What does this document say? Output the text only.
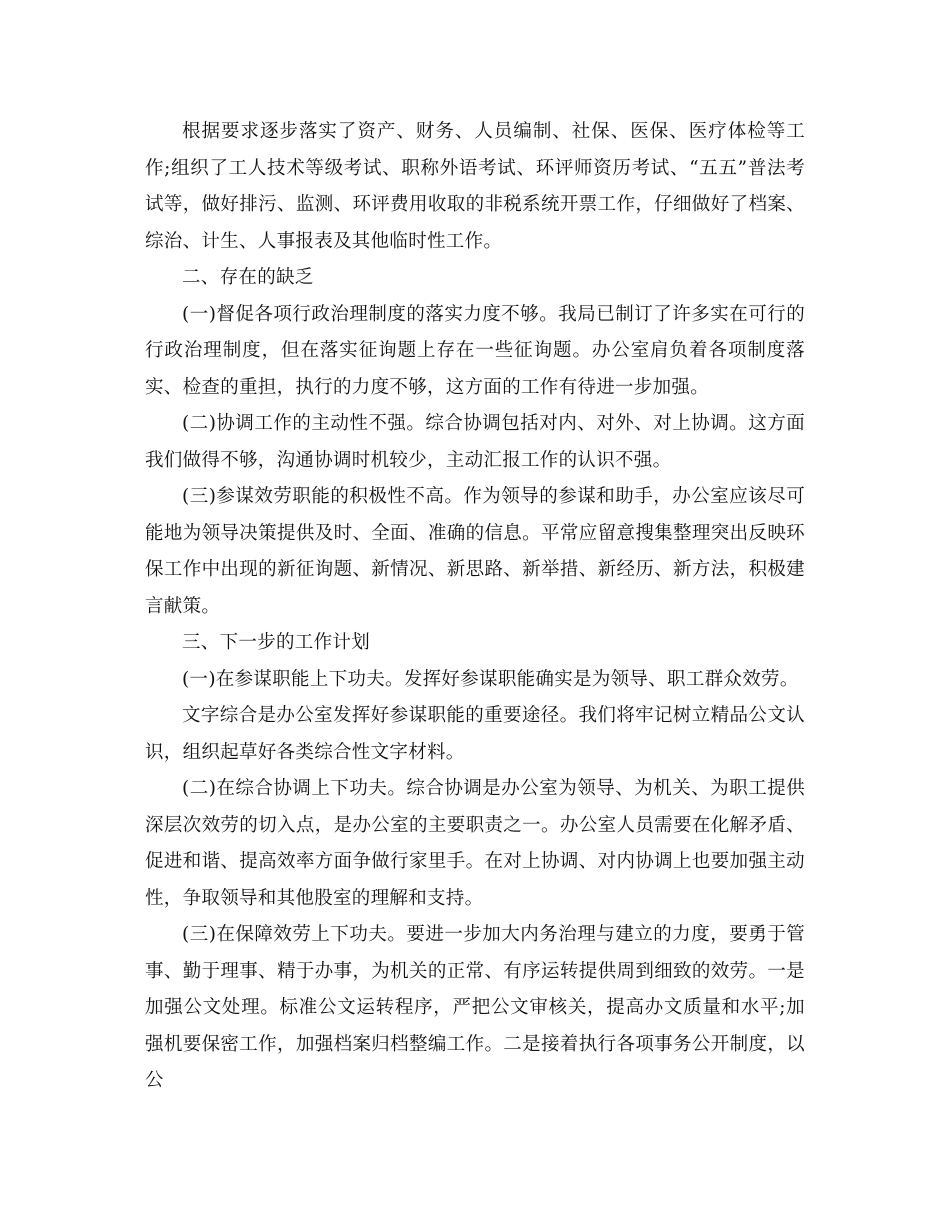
根据要求逐步落实了资产、财务、人员编制、社保、医保、医疗体检等工作;组织了工人技术等级考试、职称外语考试、环评师资历考试、“五五”普法考试等，做好排污、监测、环评费用收取的非税系统开票工作，仔细做好了档案、综治、计生、人事报表及其他临时性工作。

二、存在的缺乏

(一)督促各项行政治理制度的落实力度不够。我局已制订了许多实在可行的行政治理制度，但在落实征询题上存在一些征询题。办公室肩负着各项制度落实、检查的重担，执行的力度不够，这方面的工作有待进一步加强。

(二)协调工作的主动性不强。综合协调包括对内、对外、对上协调。这方面我们做得不够，沟通协调时机较少，主动汇报工作的认识不强。

(三)参谋效劳职能的积极性不高。作为领导的参谋和助手，办公室应该尽可能地为领导决策提供及时、全面、准确的信息。平常应留意搜集整理突出反映环保工作中出现的新征询题、新情况、新思路、新举措、新经历、新方法，积极建言献策。

三、下一步的工作计划

(一)在参谋职能上下功夫。发挥好参谋职能确实是为领导、职工群众效劳。

文字综合是办公室发挥好参谋职能的重要途径。我们将牢记树立精品公文认识，组织起草好各类综合性文字材料。

(二)在综合协调上下功夫。综合协调是办公室为领导、为机关、为职工提供深层次效劳的切入点，是办公室的主要职责之一。办公室人员需要在化解矛盾、促进和谐、提高效率方面争做行家里手。在对上协调、对内协调上也要加强主动性，争取领导和其他股室的理解和支持。

(三)在保障效劳上下功夫。要进一步加大内务治理与建立的力度，要勇于管事、勤于理事、精于办事，为机关的正常、有序运转提供周到细致的效劳。一是加强公文处理。标准公文运转程序，严把公文审核关，提高办文质量和水平;加强机要保密工作，加强档案归档整编工作。二是接着执行各项事务公开制度，以公
